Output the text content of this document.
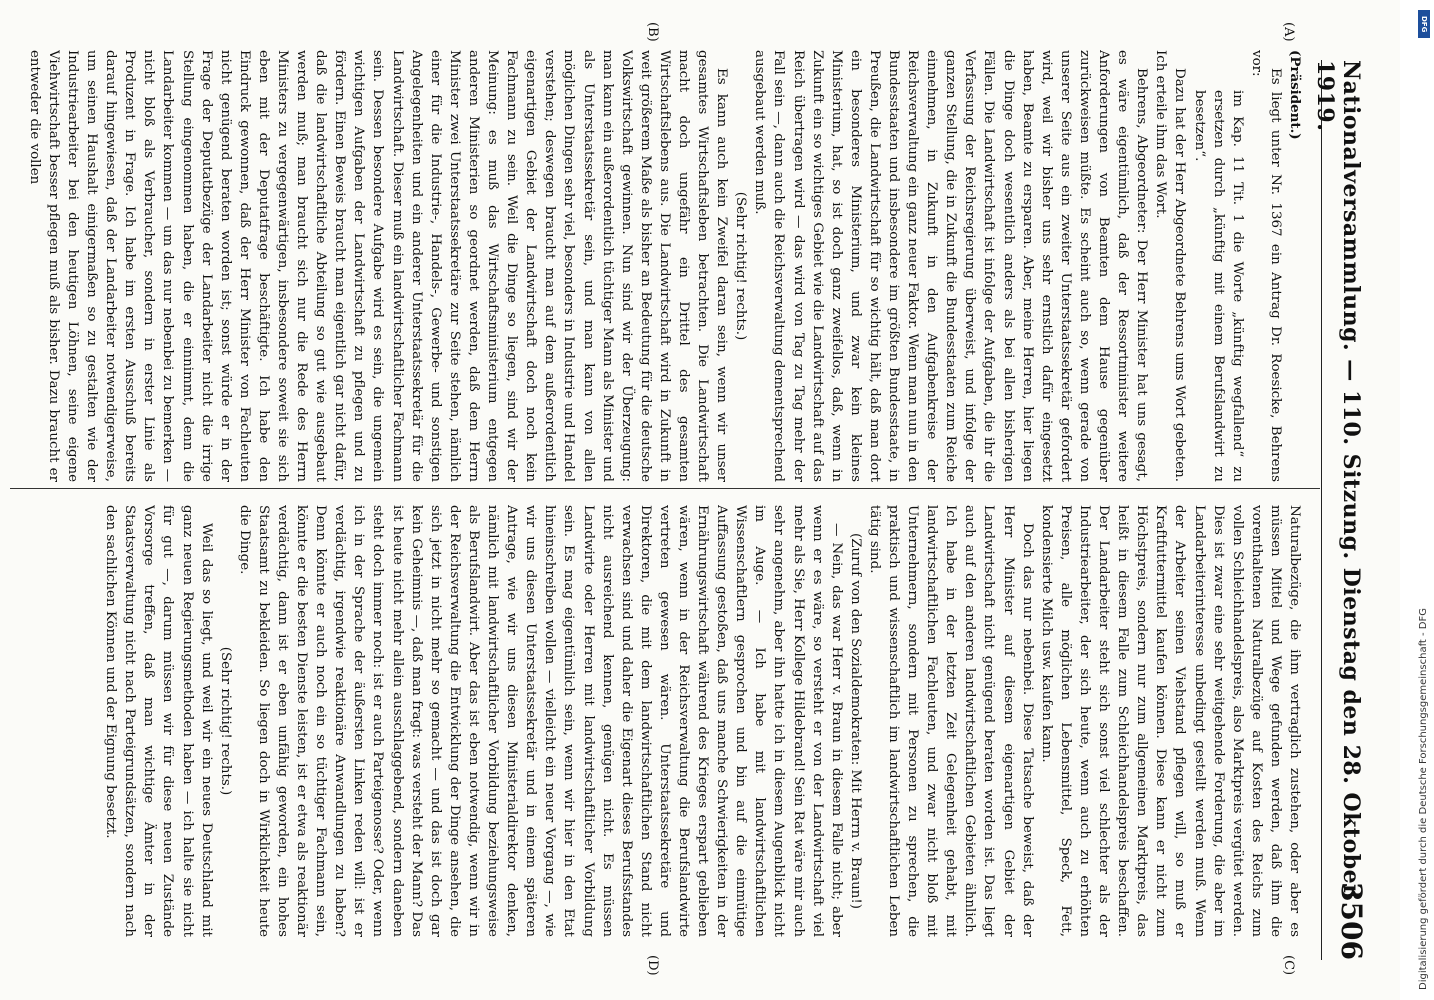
Nationalversammlung. — 110. Sitzung. Dienstag den 28. Oktober 1919.
3506
(A)
(B)
(C)
(D)

(Präsident.)

Es liegt unter Nr. 1367 ein Antrag Dr. Roesicke, Behrens vor:

im Kap. 11 Tit. 1 die Worte „künftig wegfallend“ zu ersetzen durch „künftig mit einem Berufslandwirt zu besetzen“.

Dazu hat der Herr Abgeordnete Behrens ums Wort gebeten. Ich erteile ihm das Wort.

Behrens, Abgeordneter: Der Herr Minister hat uns gesagt, es wäre eigentümlich, daß der Ressortminister weitere Anforderungen von Beamten dem Hause gegenüber zurückweisen müßte. Es scheint auch so, wenn gerade von unserer Seite aus ein zweiter Unterstaatssekretär gefordert wird, weil wir bisher uns sehr ernstlich dafür eingesetzt haben, Beamte zu ersparen. Aber, meine Herren, hier liegen die Dinge doch wesentlich anders als bei allen bisherigen Fällen. Die Landwirtschaft ist infolge der Aufgaben, die ihr die Verfassung der Reichsregierung überweist, und infolge der ganzen Stellung, die in Zukunft die Bundesstaaten zum Reiche einnehmen, in Zukunft in den Aufgabenkreise der Reichsverwaltung ein ganz neuer Faktor. Wenn man nun in den Bundesstaaten und insbesondere im größten Bundesstaate, in Preußen, die Landwirtschaft für so wichtig hält, daß man dort ein besonderes Ministerium, und zwar kein kleines Ministerium, hat, so ist doch ganz zweifellos, daß, wenn in Zukunft ein so wichtiges Gebiet wie die Landwirtschaft auf das Reich übertragen wird — das wird von Tag zu Tag mehr der Fall sein —, dann auch die Reichsverwaltung dementsprechend ausgebaut werden muß.

(Sehr richtig! rechts.)

Es kann auch kein Zweifel daran sein, wenn wir unser gesamtes Wirtschaftsleben betrachten. Die Landwirtschaft macht doch ungefähr ein Drittel des gesamten Wirtschaftslebens aus. Die Landwirtschaft wird in Zukunft in weit größerem Maße als bisher an Bedeutung für die deutsche Volkswirtschaft gewinnen. Nun sind wir der Überzeugung: man kann ein außerordentlich tüchtiger Mann als Minister und als Unterstaatssekretär sein, und man kann von allen möglichen Dingen sehr viel, besonders in Industrie und Handel verstehen; deswegen braucht man auf dem außerordentlich eigenartigen Gebiet der Landwirtschaft doch noch kein Fachmann zu sein. Weil die Dinge so liegen, sind wir der Meinung: es muß das Wirtschaftsministerium entgegen anderen Ministerien so geordnet werden, daß dem Herrn Minister zwei Unterstaatssekretäre zur Seite stehen, nämlich einer für die Industrie-, Handels-, Gewerbe- und sonstigen Angelegenheiten und ein anderer Unterstaatssekretär für die Landwirtschaft. Dieser muß ein landwirtschaftlicher Fachmann sein. Dessen besondere Aufgabe wird es sein, die ungemein wichtigen Aufgaben der Landwirtschaft zu pflegen und zu fördern. Einen Beweis braucht man eigentlich gar nicht dafür, daß die landwirtschaftliche Abteilung so gut wie ausgebaut werden muß; man braucht sich nur die Rede des Herrn Ministers zu vergegenwärtigen, insbesondere soweit sie sich eben mit der Deputatfrage beschäftigte. Ich habe den Eindruck gewonnen, daß der Herr Minister von Fachleuten nicht genügend beraten worden ist; sonst würde er in der Frage der Deputatbezüge der Landarbeiter nicht die irrige Stellung eingenommen haben, die er einnimmt, denn die Landarbeiter kommen — um das nur nebenbei zu bemerken — nicht bloß als Verbraucher, sondern in erster Linie als Produzent in Frage. Ich habe im ersten Ausschuß bereits darauf hingewiesen, daß der Landarbeiter notwendigerweise, um seinen Haushalt einigermaßen so zu gestalten wie der Industriearbeiter bei den heutigen Löhnen, seine eigene Viehwirtschaft besser pflegen muß als bisher. Dazu braucht er entweder die vollen

Naturalbezüge, die ihm vertraglich zustehen, oder aber es müssen Mittel und Wege gefunden werden, daß ihm die vorenthaltenen Naturalbezüge auf Kosten des Reichs zum vollen Schleichhandelspreis, also Marktpreis vergütet werden. Dies ist zwar eine sehr weitgehende Forderung, die aber im Landarbeiterinteresse unbedingt gestellt werden muß. Wenn der Arbeiter seinen Viehstand pflegen will, so muß er Kraftfuttermittel kaufen können. Diese kann er nicht zum Höchstpreis, sondern nur zum allgemeinen Marktpreis, das heißt in diesem Falle zum Schleichhandelspreis beschaffen. Der Landarbeiter steht sich sonst viel schlechter als der Industriearbeiter, der sich heute, wenn auch zu erhöhten Preisen, alle möglichen Lebensmittel, Speck, Fett, kondensierte Milch usw. kaufen kann.

Doch das nur nebenbei. Diese Tatsache beweist, daß der Herr Minister auf diesem eigenartigen Gebiet der Landwirtschaft nicht genügend beraten worden ist. Das liegt auch auf den anderen landwirtschaftlichen Gebieten ähnlich. Ich habe in der letzten Zeit Gelegenheit gehabt, mit landwirtschaftlichen Fachleuten, und zwar nicht bloß mit Unternehmern, sondern mit Personen zu sprechen, die praktisch und wissenschaftlich im landwirtschaftlichen Leben tätig sind.

(Zuruf von den Sozialdemokraten: Mit Herrn v. Braun!)

— Nein, das war Herr v. Braun in diesem Falle nicht; aber wenn er es wäre, so versteht er von der Landwirtschaft viel mehr als Sie, Herr Kollege Hildebrand! Sein Rat wäre mir auch sehr angenehm, aber ihn hatte ich in diesem Augenblick nicht im Auge. — Ich habe mit landwirtschaftlichen Wissenschaftlern gesprochen und bin auf die einmütige Auffassung gestoßen, daß uns manche Schwierigkeiten in der Ernährungswirtschaft während des Krieges erspart geblieben wären, wenn in der Reichsverwaltung die Berufslandwirte vertreten gewesen wären. Unterstaatssekretäre und Direktoren, die mit dem landwirtschaftlichen Stand nicht verwachsen sind und daher die Eigenart dieses Berufsstandes nicht ausreichend kennen, genügen nicht. Es müssen Landwirte oder Herren mit landwirtschaftlicher Vorbildung sein. Es mag eigentümlich sein, wenn wir hier in den Etat hineinschreiben wollen — vielleicht ein neuer Vorgang —, wie wir uns diesen Unterstaatssekretär und in einem späteren Antrage, wie wir uns diesen Ministerialdirektor denken, nämlich mit landwirtschaftlicher Vorbildung beziehungsweise als Berufslandwirt. Aber das ist eben notwendig, wenn wir in der Reichsverwaltung die Entwicklung der Dinge ansehen, die sich jetzt in nicht mehr so gemacht — und das ist doch gar kein Geheimnis —, daß man fragt: was versteht der Mann? Das ist heute nicht mehr allein ausschlaggebend, sondern daneben steht doch immer noch: ist er auch Parteigenosse? Oder, wenn ich in der Sprache der äußersten Linken reden will: ist er verdächtig, irgendwie reaktionäre Anwandlungen zu haben? Denn könnte er auch noch ein so tüchtiger Fachmann sein, könnte er die besten Dienste leisten, ist er etwa als reaktionär verdächtig, dann ist er eben unfähig geworden, ein hohes Staatsamt zu bekleiden. So liegen doch in Wirklichkeit heute die Dinge.

(Sehr richtig! rechts.)

Weil das so liegt, und weil wir ein neues Deutschland mit ganz neuen Regierungsmethoden haben — ich halte sie nicht für gut —, darum müssen wir für diese neuen Zustände Vorsorge treffen, daß man wichtige Ämter in der Staatsverwaltung nicht nach Parteigrundsätzen, sondern nach den sachlichen Können und der Eignung besetzt.

DFG
Digitalisierung gefördert durch die Deutsche Forschungsgemeinschaft - DFG
